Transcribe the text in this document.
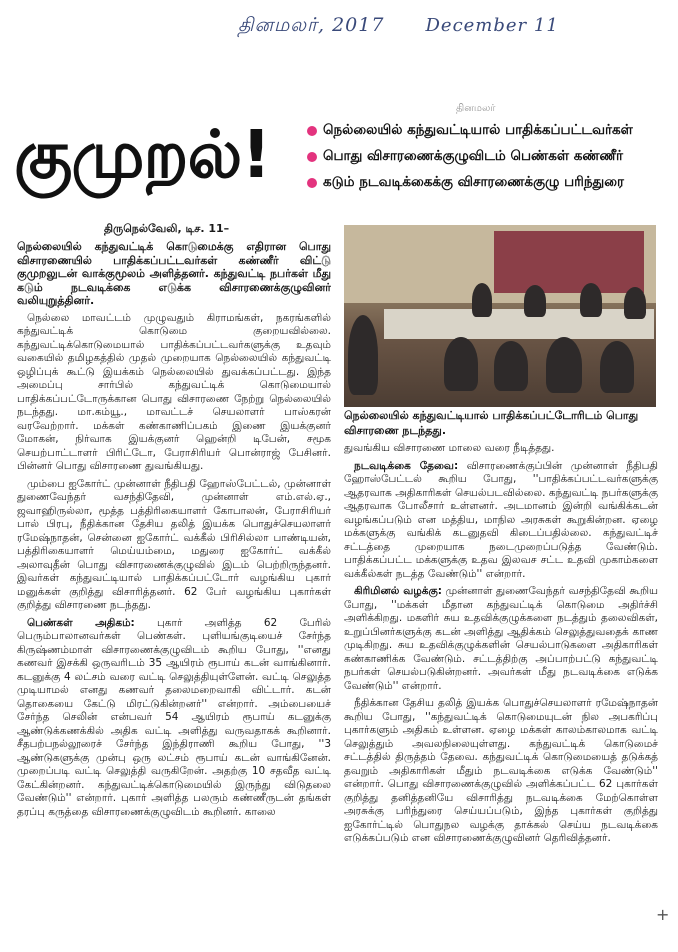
தினமலர், 2017 December 11
தினமலர்
குமுறல்!	நெல்லையில் கந்துவட்டியால் பாதிக்கப்பட்டவர்கள்
பொது விசாரணைக்குழுவிடம் பெண்கள் கண்ணீர்
கடும் நடவடிக்கைக்கு விசாரணைக்குழு பரிந்துரை
திருநெல்வேலி, டிச. 11–

நெல்லையில் கந்துவட்டிக் கொடுமைக்கு எதிரான பொது விசாரணையில் பாதிக்கப்பட்டவர்கள் கண்ணீர் விட்டு குமுறலுடன் வாக்குமூலம் அளித்தனர். கந்துவட்டி நபர்கள் மீது கடும் நடவடிக்கை எடுக்க விசாரணைக்குழுவினர் வலியுறுத்தினர்.

நெல்லை மாவட்டம் முழுவதும் கிராமங்கள், நகரங்களில் கந்துவட்டிக் கொடுமை குறையவில்லை. கந்துவட்டிக்கொடுமையால் பாதிக்கப்பட்டவர்களுக்கு உதவும் வகையில் தமிழகத்தில் முதல் முறையாக நெல்லையில் கந்துவட்டி ஒழிப்புக் கூட்டு இயக்கம் நெல்லையில் துவக்கப்பட்டது. இந்த அமைப்பு சார்பில் கந்துவட்டிக் கொடுமையால் பாதிக்கப்பட்டோருக்கான பொது விசாரணை நேற்று நெல்லையில் நடந்தது. மா.கம்யூ., மாவட்டச் செயலாளர் பாஸ்கரன் வரவேற்றார். மக்கள் கண்காணிப்பகம் இணை இயக்குனர் மோகன், நிர்வாக இயக்குனர் ஹென்றி டிபேன், சமூக செயற்பாட்டாளர் பிரிட்டோ, பேராசிரியர் பொன்ராஜ் பேசினர். பின்னர் பொது விசாரணை துவங்கியது.

மும்பை ஐகோர்ட் முன்னாள் நீதிபதி ஹோஸ்பேட்டல், முன்னாள் துணைவேந்தர் வசந்திதேவி, முன்னாள் எம்.எல்.ஏ., ஜவாஹிருல்லா, மூத்த பத்திரிகையாளர் கோபாலன், பேராசிரியர் பால் பிரபு, நீதிக்கான தேசிய தலித் இயக்க பொதுச்செயலாளர் ரமேஷ்நாதன், சென்னை ஐகோர்ட் வக்கீல் பிரிசில்லா பாண்டியன், பத்திரிகையாளர் மெய்யம்மை, மதுரை ஐகோர்ட் வக்கீல் அலாவுதீன் பொது விசாரணைக்குழுவில் இடம் பெற்றிருந்தனர். இவர்கள் கந்துவட்டியால் பாதிக்கப்பட்டோர் வழங்கிய புகார் மனுக்கள் குறித்து விசாரித்தனர். 62 பேர் வழங்கிய புகார்கள் குறித்து விசாரணை நடந்தது.

பெண்கள் அதிகம்: புகார் அளித்த 62 பேரில் பெரும்பாலானவர்கள் பெண்கள். புளியங்குடியைச் சேர்ந்த கிருஷ்ணம்மாள் விசாரணைக்குழுவிடம் கூறிய போது, ''எனது கணவர் இசக்கி ஒருவரிடம் 35 ஆயிரம் ரூபாய் கடன் வாங்கினார். கடனுக்கு 4 லட்சம் வரை வட்டி செலுத்தியுள்ளேன். வட்டி செலுத்த முடியாமல் எனது கணவர் தலைமறைவாகி விட்டார். கடன் தொகையை கேட்டு மிரட்டுகின்றனர்'' என்றார். அம்பையைச் சேர்ந்த செலின் என்பவர் 54 ஆயிரம் ரூபாய் கடனுக்கு ஆண்டுக்கணக்கில் அதிக வட்டி அளித்து வருவதாகக் கூறினார். சீதபற்பநல்லூரைச் சேர்ந்த இந்திராணி கூறிய போது, ''3 ஆண்டுகளுக்கு முன்பு ஒரு லட்சம் ரூபாய் கடன் வாங்கினேன். முறைப்படி வட்டி செலுத்தி வருகிறேன். அதற்கு 10 சதவீத வட்டி கேட்கின்றனர். கந்துவட்டிக்கொடுமையில் இருந்து விடுதலை வேண்டும்'' என்றார். புகார் அளித்த பலரும் கண்ணீருடன் தங்கள் தரப்பு கருத்தை விசாரணைக்குழுவிடம் கூறினர். காலை

நெல்லையில் கந்துவட்டியால் பாதிக்கப்பட்டோரிடம் பொது விசாரணை நடந்தது.

துவங்கிய விசாரணை மாலை வரை நீடித்தது.

நடவடிக்கை தேவை: விசாரணைக்குப்பின் முன்னாள் நீதிபதி ஹோஸ்பேட்டல் கூறிய போது, ''பாதிக்கப்பட்டவர்களுக்கு ஆதரவாக அதிகாரிகள் செயல்படவில்லை. கந்துவட்டி நபர்களுக்கு ஆதரவாக போலீசார் உள்ளனர். அடமானம் இன்றி வங்கிக்கடன் வழங்கப்படும் என மத்திய, மாநில அரசுகள் கூறுகின்றன. ஏழை மக்களுக்கு வங்கிக் கடனுதவி கிடைப்பதில்லை. கந்துவட்டிச் சட்டத்தை முறையாக நடைமுறைப்படுத்த வேண்டும். பாதிக்கப்பட்ட மக்களுக்கு உதவ இலவச சட்ட உதவி முகாம்களை வக்கீல்கள் நடத்த வேண்டும்'' என்றார்.

கிரிமினல் வழக்கு: முன்னாள் துணைவேந்தர் வசந்திதேவி கூறிய போது, ''மக்கள் மீதான கந்துவட்டிக் கொடுமை அதிர்ச்சி அளிக்கிறது. மகளிர் சுய உதவிக்குழுக்களை நடத்தும் தலைவிகள், உறுப்பினர்களுக்கு கடன் அளித்து ஆதிக்கம் செலுத்துவதைக் காண முடிகிறது. சுய உதவிக்குழுக்களின் செயல்பாடுகளை அதிகாரிகள் கண்காணிக்க வேண்டும். சட்டத்திற்கு அப்பாற்பட்டு கந்துவட்டி நபர்கள் செயல்படுகின்றனர். அவர்கள் மீது நடவடிக்கை எடுக்க வேண்டும்'' என்றார்.

நீதிக்கான தேசிய தலித் இயக்க பொதுச்செயலாளர் ரமேஷ்நாதன் கூறிய போது, ''கந்துவட்டிக் கொடுமையுடன் நில அபகரிப்பு புகார்களும் அதிகம் உள்ளன. ஏழை மக்கள் காலம்காலமாக வட்டி செலுத்தும் அவலநிலையுள்ளது. கந்துவட்டிக் கொடுமைச் சட்டத்தில் திருத்தம் தேவை. கந்துவட்டிக் கொடுமையைத் தடுக்கத் தவறும் அதிகாரிகள் மீதும் நடவடிக்கை எடுக்க வேண்டும்'' என்றார். பொது விசாரணைக்குழுவில் அளிக்கப்பட்ட 62 புகார்கள் குறித்து தனித்தனியே விசாரித்து நடவடிக்கை மேற்கொள்ள அரசுக்கு பரிந்துரை செய்யப்படும், இந்த புகார்கள் குறித்து ஐகோர்ட்டில் பொதுநல வழக்கு தாக்கல் செய்ய நடவடிக்கை எடுக்கப்படும் என விசாரணைக்குழுவினர் தெரிவித்தனர்.

+
